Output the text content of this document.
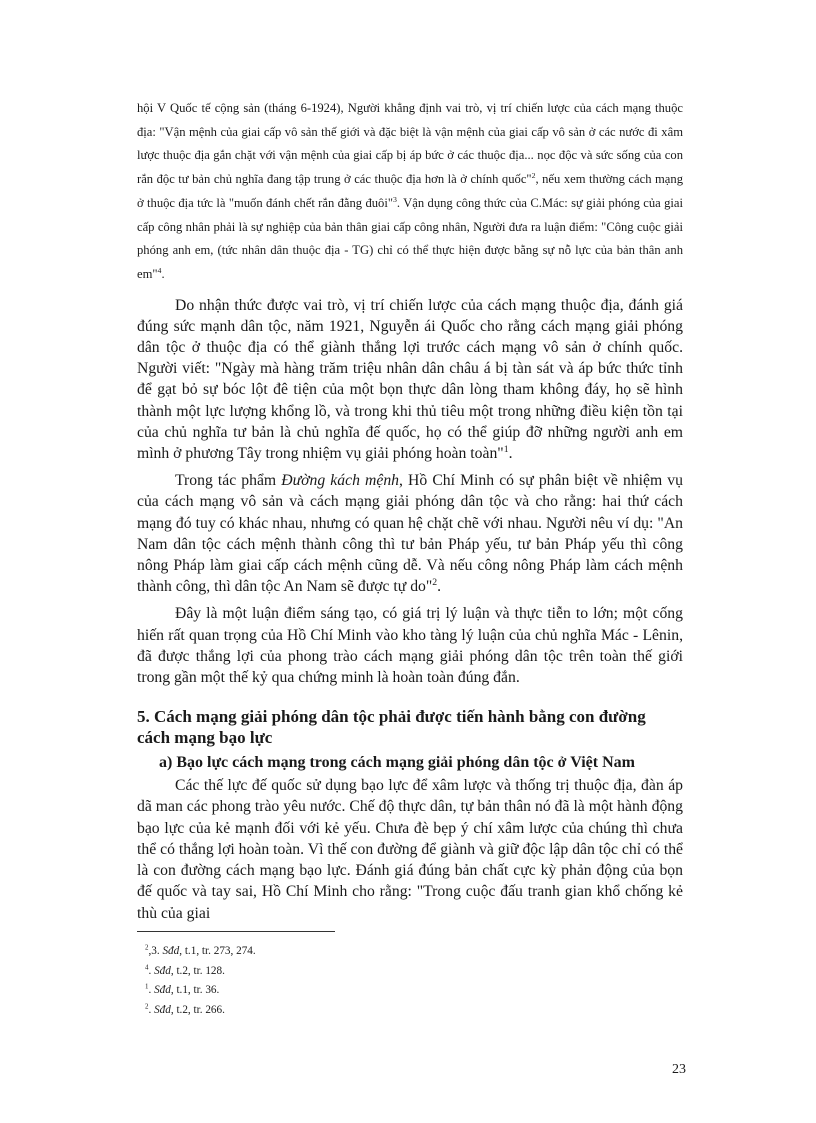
hội V Quốc tế cộng sản (tháng 6-1924), Người khẳng định vai trò, vị trí chiến lược của cách mạng thuộc địa: "Vận mệnh của giai cấp vô sản thế giới và đặc biệt là vận mệnh của giai cấp vô sản ở các nước đi xâm lược thuộc địa gắn chặt với vận mệnh của giai cấp bị áp bức ở các thuộc địa... nọc độc và sức sống của con rắn độc tư bản chủ nghĩa đang tập trung ở các thuộc địa hơn là ở chính quốc"$^2$, nếu xem thường cách mạng ở thuộc địa tức là "muốn đánh chết rắn đằng đuôi"$^3$. Vận dụng công thức của C.Mác: sự giải phóng của giai cấp công nhân phải là sự nghiệp của bản thân giai cấp công nhân, Người đưa ra luận điểm: "Công cuộc giải phóng anh em, (tức nhân dân thuộc địa - TG) chỉ có thể thực hiện được bằng sự nỗ lực của bản thân anh em"$^4$.

Do nhận thức được vai trò, vị trí chiến lược của cách mạng thuộc địa, đánh giá đúng sức mạnh dân tộc, năm 1921, Nguyễn ái Quốc cho rằng cách mạng giải phóng dân tộc ở thuộc địa có thể giành thắng lợi trước cách mạng vô sản ở chính quốc. Người viết: "Ngày mà hàng trăm triệu nhân dân châu á bị tàn sát và áp bức thức tỉnh để gạt bỏ sự bóc lột đê tiện của một bọn thực dân lòng tham không đáy, họ sẽ hình thành một lực lượng khổng lồ, và trong khi thủ tiêu một trong những điều kiện tồn tại của chủ nghĩa tư bản là chủ nghĩa đế quốc, họ có thể giúp đỡ những người anh em mình ở phương Tây trong nhiệm vụ giải phóng hoàn toàn"$^1$.

Trong tác phẩm Đường kách mệnh, Hồ Chí Minh có sự phân biệt về nhiệm vụ của cách mạng vô sản và cách mạng giải phóng dân tộc và cho rằng: hai thứ cách mạng đó tuy có khác nhau, nhưng có quan hệ chặt chẽ với nhau. Người nêu ví dụ: "An Nam dân tộc cách mệnh thành công thì tư bản Pháp yếu, tư bản Pháp yếu thì công nông Pháp làm giai cấp cách mệnh cũng dễ. Và nếu công nông Pháp làm cách mệnh thành công, thì dân tộc An Nam sẽ được tự do"$^2$.

Đây là một luận điểm sáng tạo, có giá trị lý luận và thực tiễn to lớn; một cống hiến rất quan trọng của Hồ Chí Minh vào kho tàng lý luận của chủ nghĩa Mác - Lênin, đã được thắng lợi của phong trào cách mạng giải phóng dân tộc trên toàn thế giới trong gần một thế kỷ qua chứng minh là hoàn toàn đúng đắn.

5. Cách mạng giải phóng dân tộc phải được tiến hành bằng con đường cách mạng bạo lực
a) Bạo lực cách mạng trong cách mạng giải phóng dân tộc ở Việt Nam

Các thế lực đế quốc sử dụng bạo lực để xâm lược và thống trị thuộc địa, đàn áp dã man các phong trào yêu nước. Chế độ thực dân, tự bản thân nó đã là một hành động bạo lực của kẻ mạnh đối với kẻ yếu. Chưa đè bẹp ý chí xâm lược của chúng thì chưa thể có thắng lợi hoàn toàn. Vì thế con đường để giành và giữ độc lập dân tộc chỉ có thể là con đường cách mạng bạo lực. Đánh giá đúng bản chất cực kỳ phản động của bọn đế quốc và tay sai, Hồ Chí Minh cho rằng: "Trong cuộc đấu tranh gian khổ chống kẻ thù của giai

$^2$,3. Sđd, t.1, tr. 273, 274.
$^4$. Sđd, t.2, tr. 128.
$^1$. Sđd, t.1, tr. 36.
$^2$. Sđd, t.2, tr. 266.
23
